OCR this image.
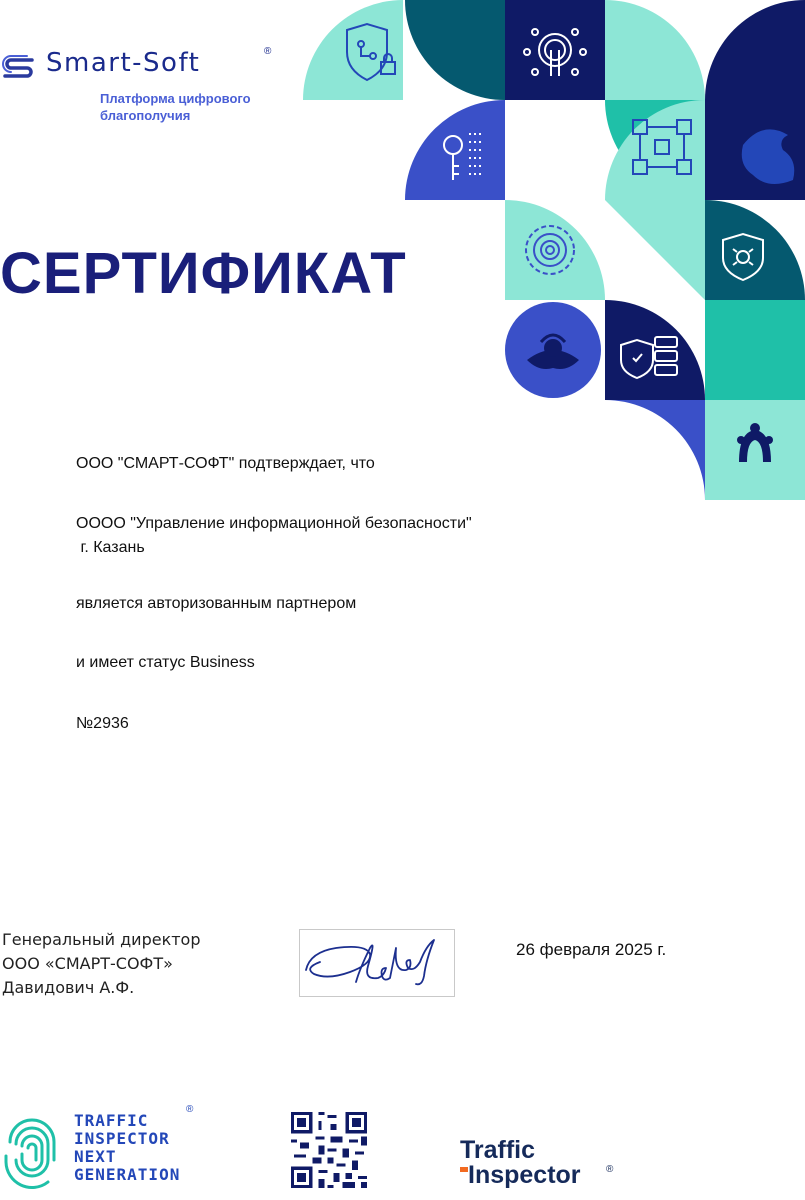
Smart-Soft	®
Платформа цифрового
благополучия
СЕРТИФИКАТ
ООО "СМАРТ-СОФТ" подтверждает, что
ОООО "Управление информационной безопасности"
г. Казань
является авторизованным партнером
и имеет статус Business
№2936
Генеральный директор
ООО «СМАРТ-СОФТ»
Давидович А.Ф.
26 февраля 2025 г.
TRAFFIC
INSPECTOR
NEXT
GENERATION
®
Traffic
Inspector	®
